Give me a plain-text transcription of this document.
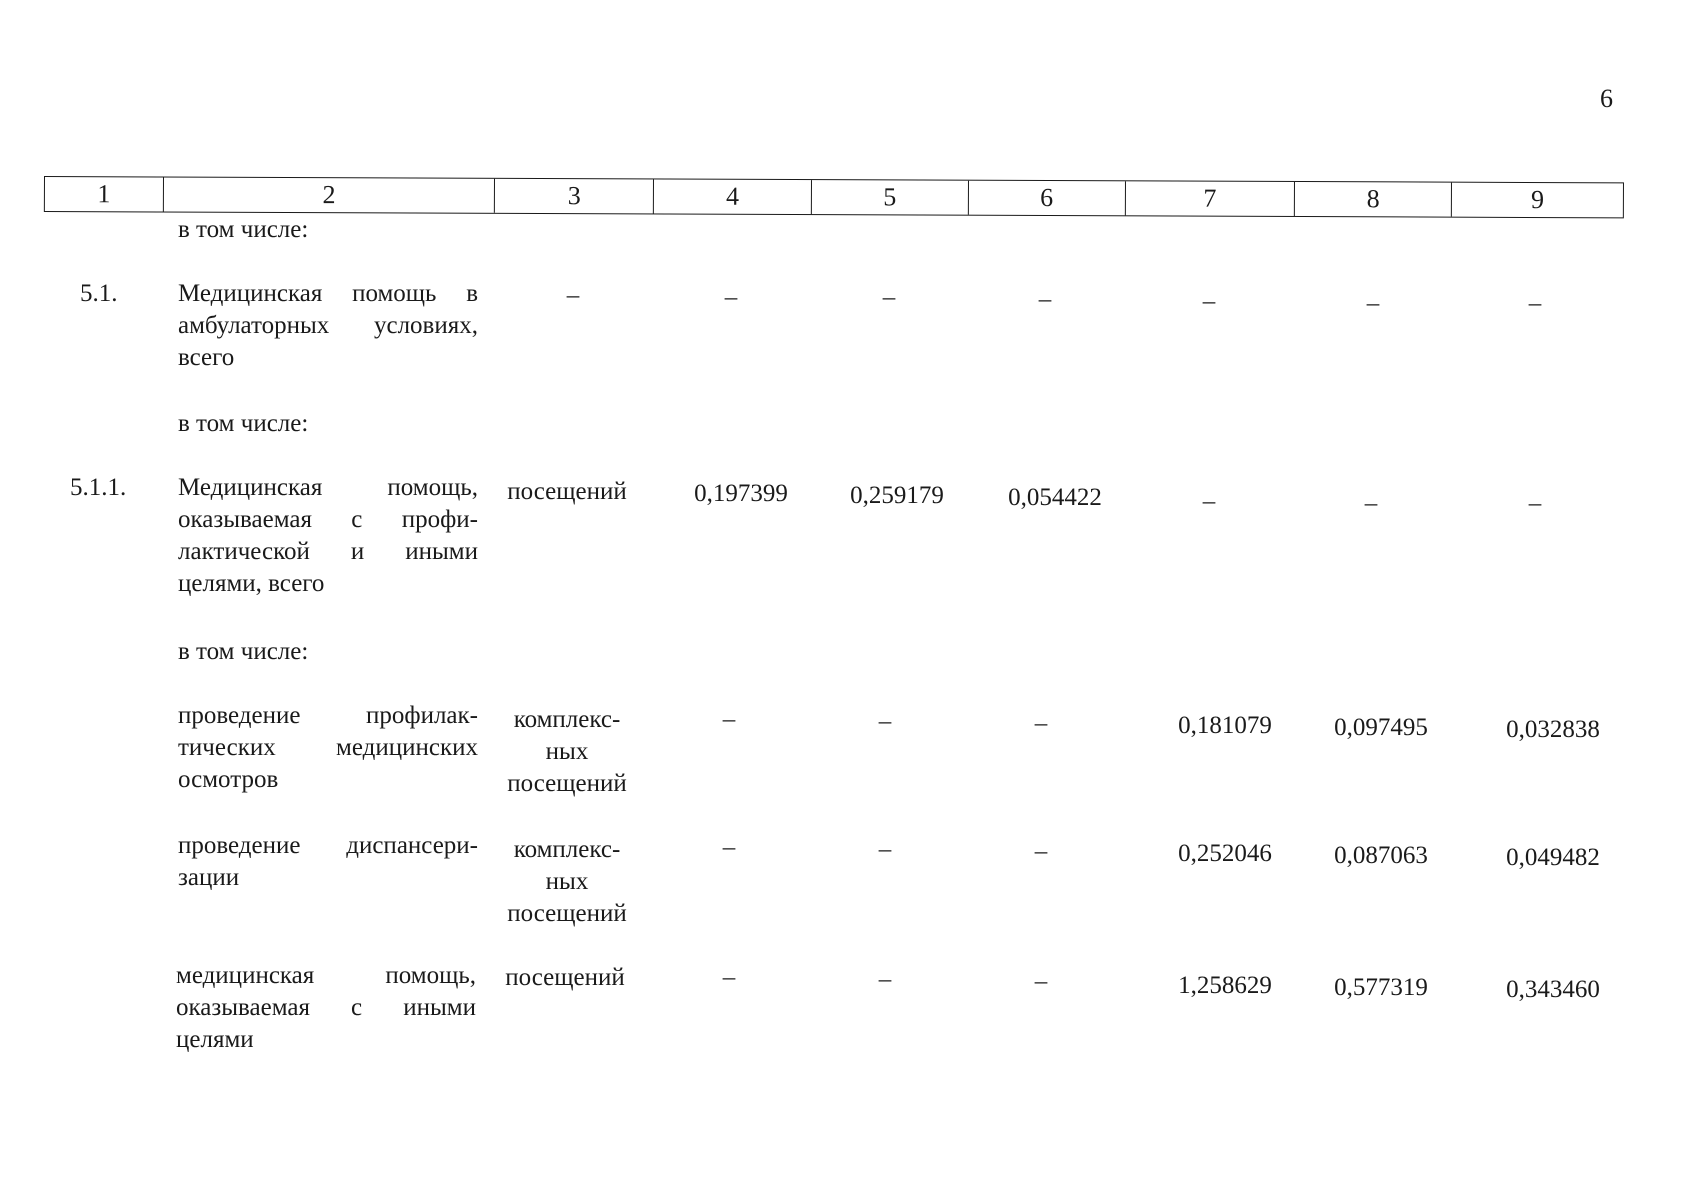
6
1	2	3	4	5	6	7	8	9
в том числе:
5.1. Медицинская помощь в
амбулаторных условиях,
всего
–	–	–	–	–	–	–
в том числе:
5.1.1. Медицинская помощь,
оказываемая с профи-
лактической и иными
целями, всего
посещений	0,197399	0,259179	0,054422	–	–	–
в том числе:
проведение профилак-
тических медицинских
осмотров
комплекс-
ных
посещений
–	–	–	0,181079	0,097495	0,032838
проведение диспансери-
зации
комплекс-
ных
посещений
–	–	–	0,252046	0,087063	0,049482
медицинская помощь,
оказываемая с иными
целями
посещений	–	–	–	1,258629	0,577319	0,343460
